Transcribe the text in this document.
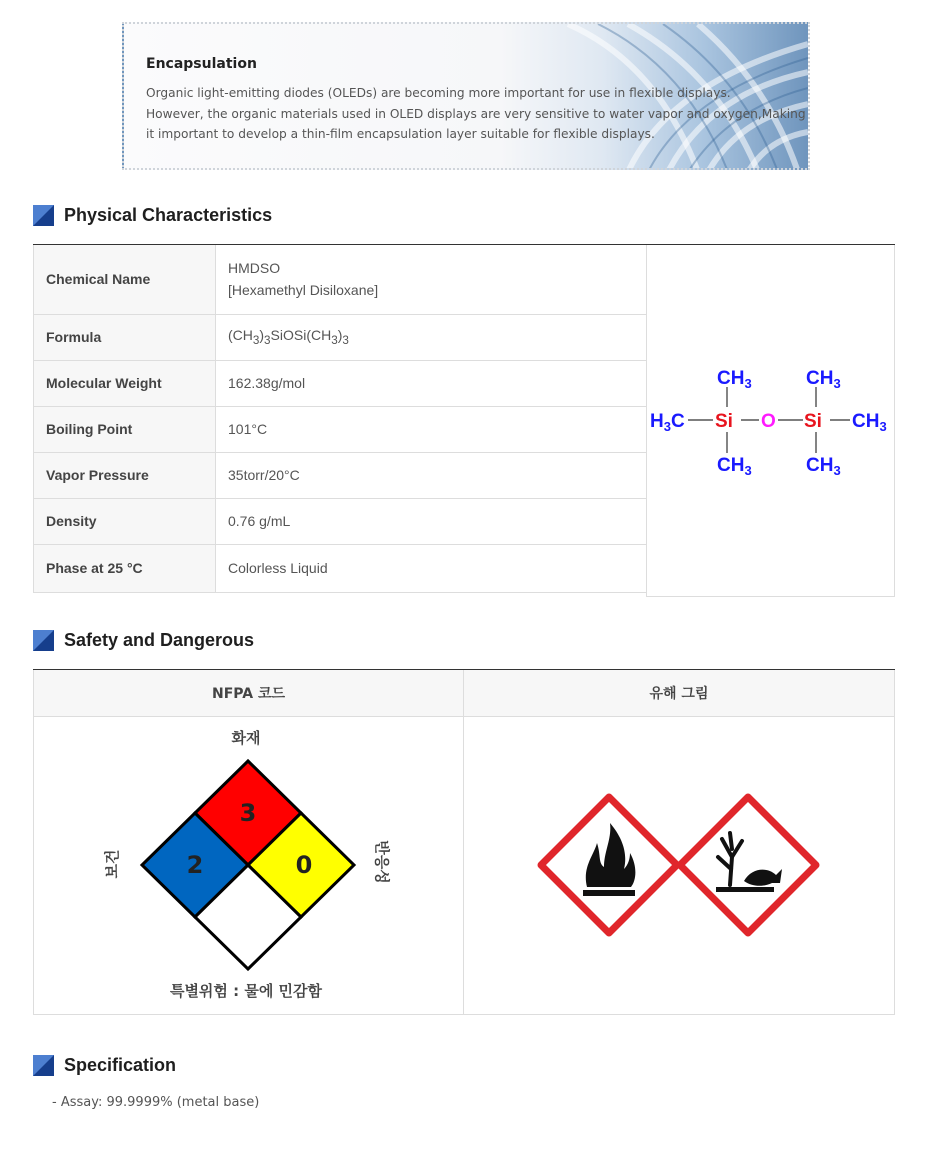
Encapsulation

Organic light-emitting diodes (OLEDs) are becoming more important for use in flexible displays.

However, the organic materials used in OLED displays are very sensitive to water vapor and oxygen,Making

it important to develop a thin-film encapsulation layer suitable for flexible displays.

Physical Characteristics
Chemical Name	HMDSO
[Hexamethyl Disiloxane]
Formula	$(CH_3)_3SiOSi(CH_3)_3$
Molecular Weight	162.38g/mol
Boiling Point	101°C
Vapor Pressure	35torr/20°C
Density	0.76 g/mL
Phase at 25 °C	Colorless Liquid
$CH_3$	$CH_3$
$H_3C$ Si O Si $CH_3$
$CH_3$	$CH_3$
Safety and Dangerous
NFPA 코드	유해 그림
3
2	0
화재
보건	반응성
특별위험 : 물에 민감함
Specification
- Assay: 99.9999% (metal base)
